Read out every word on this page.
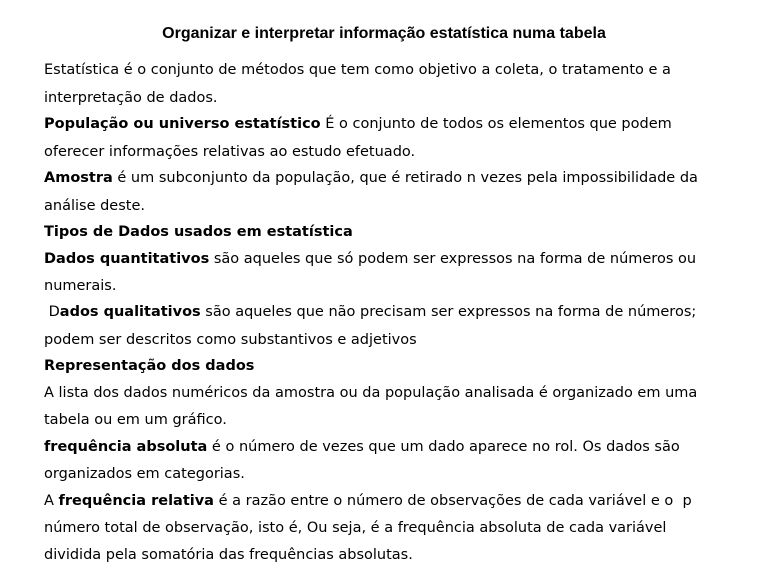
Organizar e interpretar informação estatística numa tabela
Estatística é o conjunto de métodos que tem como objetivo a coleta, o tratamento e a
interpretação de dados.
População ou universo estatístico É o conjunto de todos os elementos que podem
oferecer informações relativas ao estudo efetuado.
Amostra é um subconjunto da população, que é retirado n vezes pela impossibilidade da
análise deste.
Tipos de Dados usados em estatística
Dados quantitativos são aqueles que só podem ser expressos na forma de números ou
numerais.
Dados qualitativos são aqueles que não precisam ser expressos na forma de números;
podem ser descritos como substantivos e adjetivos
Representação dos dados
A lista dos dados numéricos da amostra ou da população analisada é organizado em uma
tabela ou em um gráfico.
frequência absoluta é o número de vezes que um dado aparece no rol. Os dados são
organizados em categorias.
A frequência relativa é a razão entre o número de observações de cada variável e o  p
número total de observação, isto é, Ou seja, é a frequência absoluta de cada variável
dividida pela somatória das frequências absolutas.
